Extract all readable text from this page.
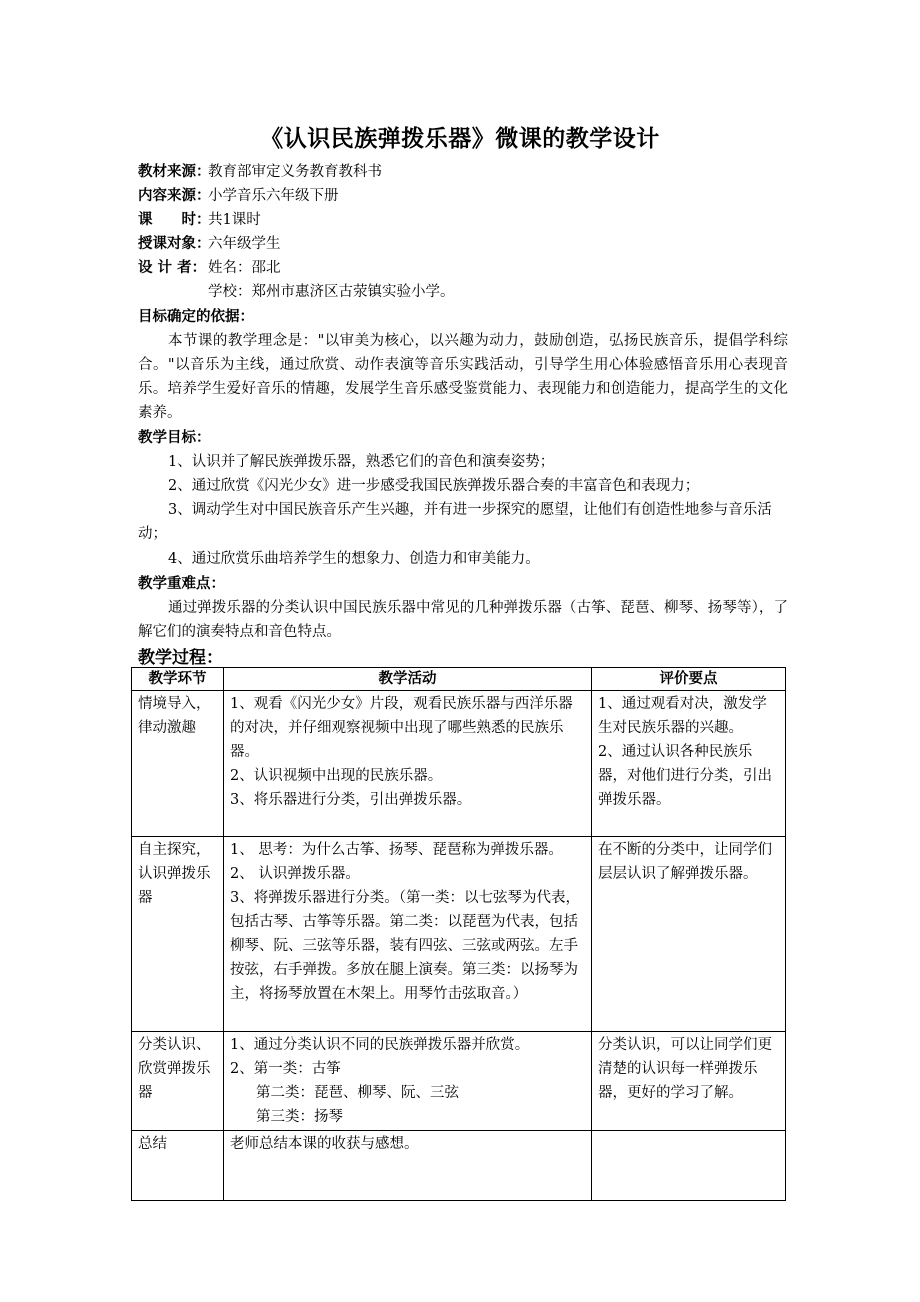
《认识民族弹拨乐器》微课的教学设计
教材来源：教育部审定义务教育教科书
内容来源：小学音乐六年级下册
课　　时：共1课时
授课对象：六年级学生
设 计 者： 姓名：邵北
学校：郑州市惠济区古荥镇实验小学。
目标确定的依据：
本节课的教学理念是："以审美为核心，以兴趣为动力，鼓励创造，弘扬民族音乐，提倡学科综合。"以音乐为主线，通过欣赏、动作表演等音乐实践活动，引导学生用心体验感悟音乐用心表现音乐。培养学生爱好音乐的情趣，发展学生音乐感受鉴赏能力、表现能力和创造能力，提高学生的文化素养。
教学目标：
1、认识并了解民族弹拨乐器，熟悉它们的音色和演奏姿势；
2、通过欣赏《闪光少女》进一步感受我国民族弹拨乐器合奏的丰富音色和表现力；
3、调动学生对中国民族音乐产生兴趣，并有进一步探究的愿望，让他们有创造性地参与音乐活动；
4、通过欣赏乐曲培养学生的想象力、创造力和审美能力。
教学重难点：
通过弹拨乐器的分类认识中国民族乐器中常见的几种弹拨乐器（古筝、琵琶、柳琴、扬琴等），了解它们的演奏特点和音色特点。
教学过程：
教学环节	教学活动	评价要点
情境导入，律动激趣	1、观看《闪光少女》片段，观看民族乐器与西洋乐器的对决，并仔细观察视频中出现了哪些熟悉的民族乐器。
2、认识视频中出现的民族乐器。
3、将乐器进行分类，引出弹拨乐器。	1、通过观看对决，激发学生对民族乐器的兴趣。
2、通过认识各种民族乐器，对他们进行分类，引出弹拨乐器。

自主探究，认识弹拨乐器	1、 思考：为什么古筝、扬琴、琵琶称为弹拨乐器。
2、 认识弹拨乐器。
3、将弹拨乐器进行分类。（第一类：以七弦琴为代表，包括古琴、古筝等乐器。第二类：以琵琶为代表，包括柳琴、阮、三弦等乐器，装有四弦、三弦或两弦。左手按弦，右手弹拨。多放在腿上演奏。第三类：以扬琴为主，将扬琴放置在木架上。用琴竹击弦取音。）	在不断的分类中，让同学们层层认识了解弹拨乐器。

分类认识、欣赏弹拨乐器	1、通过分类认识不同的民族弹拨乐器并欣赏。
2、第一类：古筝
第二类：琵琶、柳琴、阮、三弦
第三类：扬琴	分类认识，可以让同学们更清楚的认识每一样弹拨乐器，更好的学习了解。

总结	老师总结本课的收获与感想。	
